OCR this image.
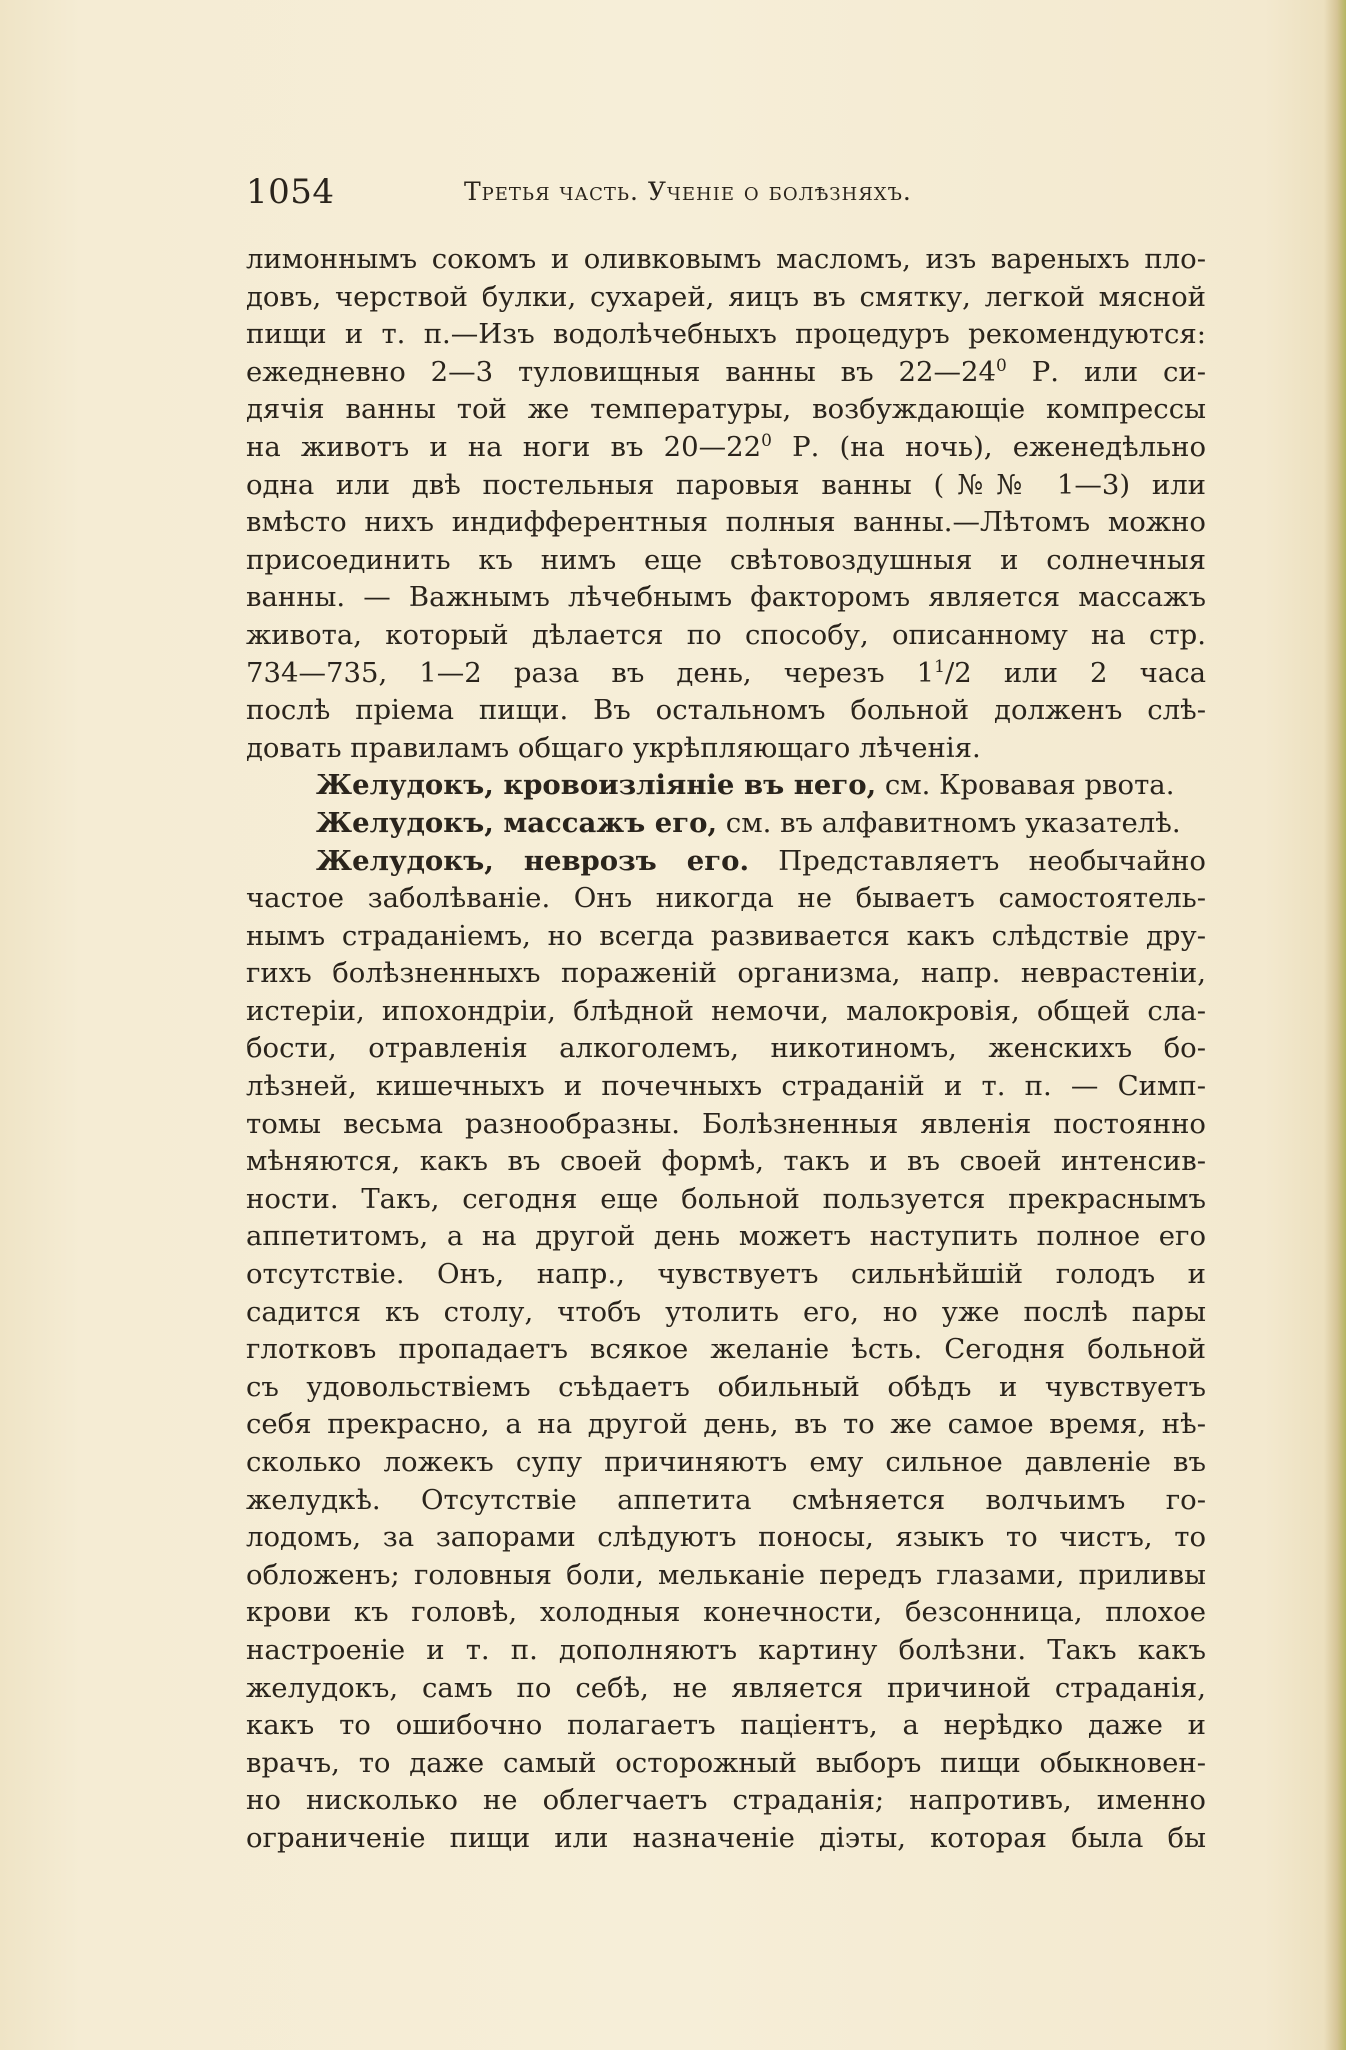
1054	Третья часть. Ученіе о болѣзняхъ.
лимоннымъ сокомъ и оливковымъ масломъ, изъ вареныхъ пло-
довъ, черствой булки, сухарей, яицъ въ смятку, легкой мясной
пищи и т. п.—Изъ водолѣчебныхъ процедуръ рекомендуются:
ежедневно 2—3 туловищныя ванны въ $22—24^0$ Р. или си-
дячія ванны той же температуры, возбуждающіе компрессы
на животъ и на ноги въ $20—22^0$ Р. (на ночь), еженедѣльно
одна или двѣ постельныя паровыя ванны (№№ 1—3) или
вмѣсто нихъ индифферентныя полныя ванны.—Лѣтомъ можно
присоединить къ нимъ еще свѣтовоздушныя и солнечныя
ванны. — Важнымъ лѣчебнымъ факторомъ является массажъ
живота, который дѣлается по способу, описанному на стр.
734—735, 1—2 раза въ день, черезъ $1^1/2$ или 2 часа
послѣ пріема пищи. Въ остальномъ больной долженъ слѣ-
довать правиламъ общаго укрѣпляющаго лѣченія.
Желудокъ, кровоизліяніе въ него, см. Кровавая рвота.
Желудокъ, массажъ его, см. въ алфавитномъ указателѣ.
Желудокъ, неврозъ его. Представляетъ необычайно
частое заболѣваніе. Онъ никогда не бываетъ самостоятель-
нымъ страданіемъ, но всегда развивается какъ слѣдствіе дру-
гихъ болѣзненныхъ пораженій организма, напр. неврастеніи,
истеріи, ипохондріи, блѣдной немочи, малокровія, общей сла-
бости, отравленія алкоголемъ, никотиномъ, женскихъ бо-
лѣзней, кишечныхъ и почечныхъ страданій и т. п. — Симп-
томы весьма разнообразны. Болѣзненныя явленія постоянно
мѣняются, какъ въ своей формѣ, такъ и въ своей интенсив-
ности. Такъ, сегодня еще больной пользуется прекраснымъ
аппетитомъ, а на другой день можетъ наступить полное его
отсутствіе. Онъ, напр., чувствуетъ сильнѣйшій голодъ и
садится къ столу, чтобъ утолить его, но уже послѣ пары
глотковъ пропадаетъ всякое желаніе ѣсть. Сегодня больной
съ удовольствіемъ съѣдаетъ обильный обѣдъ и чувствуетъ
себя прекрасно, а на другой день, въ то же самое время, нѣ-
сколько ложекъ супу причиняютъ ему сильное давленіе въ
желудкѣ. Отсутствіе аппетита смѣняется волчьимъ го-
лодомъ, за запорами слѣдуютъ поносы, языкъ то чистъ, то
обложенъ; головныя боли, мельканіе передъ глазами, приливы
крови къ головѣ, холодныя конечности, безсонница, плохое
настроеніе и т. п. дополняютъ картину болѣзни. Такъ какъ
желудокъ, самъ по себѣ, не является причиной страданія,
какъ то ошибочно полагаетъ паціентъ, а нерѣдко даже и
врачъ, то даже самый осторожный выборъ пищи обыкновен-
но нисколько не облегчаетъ страданія; напротивъ, именно
ограниченіе пищи или назначеніе діэты, которая была бы
